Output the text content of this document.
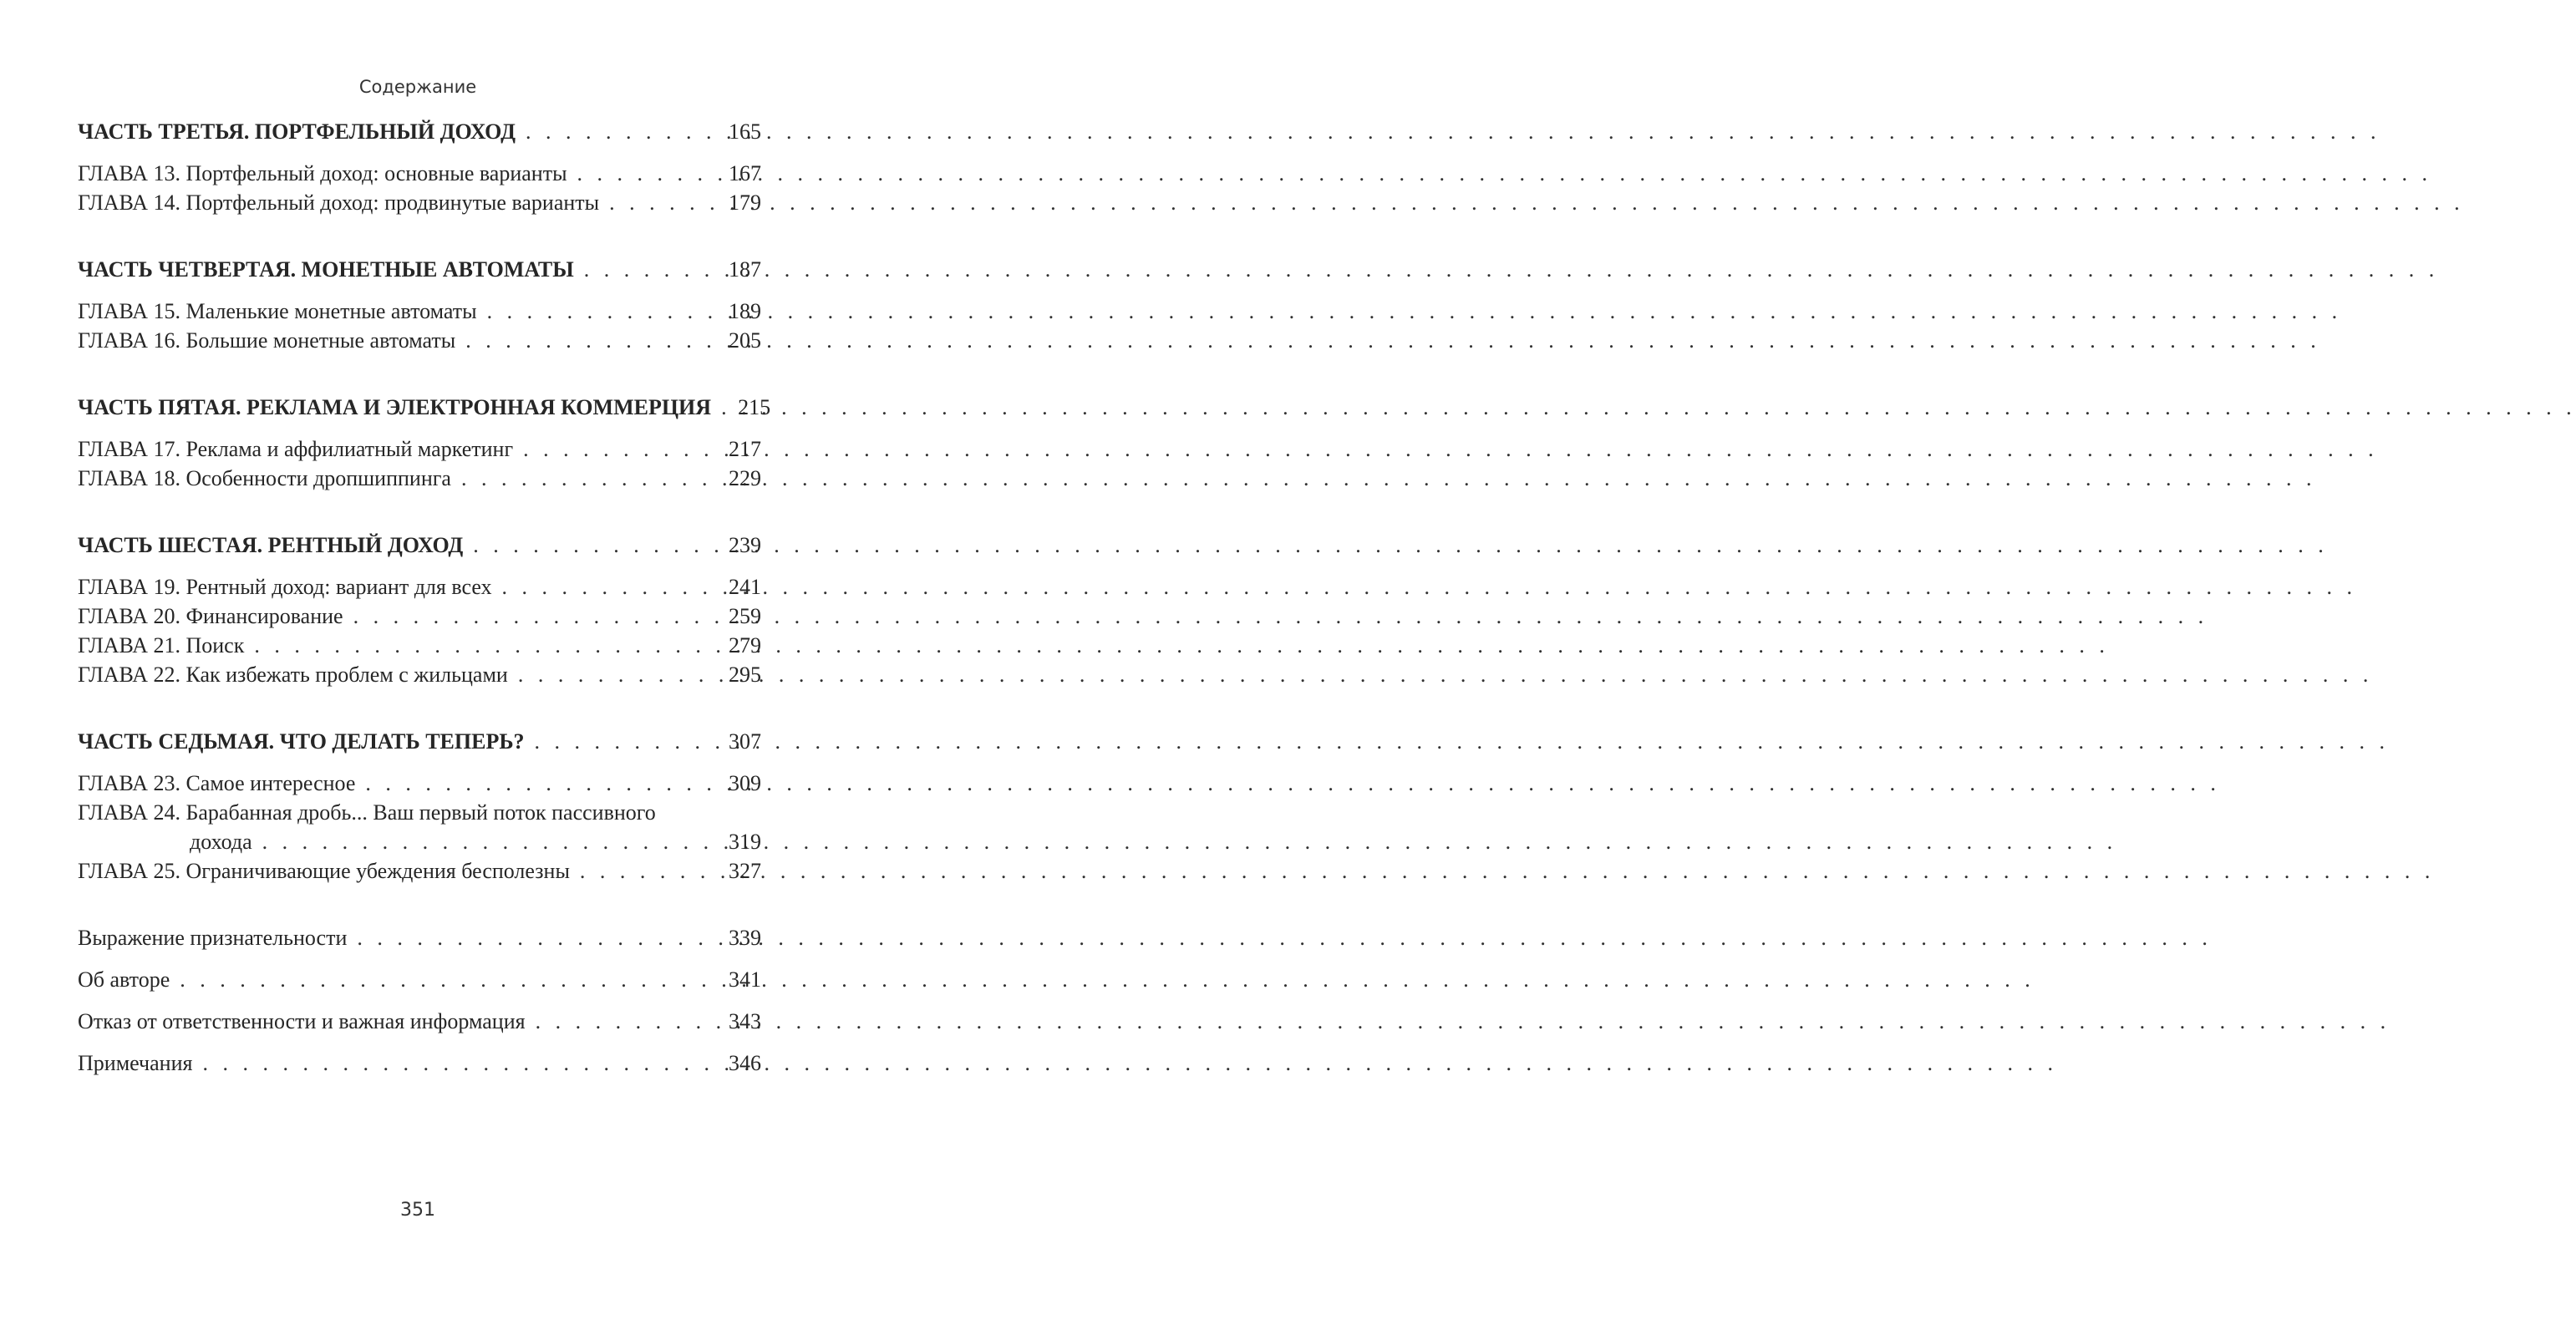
Содержание
ЧАСТЬ ТРЕТЬЯ. ПОРТФЕЛЬНЫЙ ДОХОД . . .	165
ГЛАВА 13. Портфельный доход: основные варианты . . .	167
ГЛАВА 14. Портфельный доход: продвинутые варианты . . .	179
ЧАСТЬ ЧЕТВЕРТАЯ. МОНЕТНЫЕ АВТОМАТЫ . . .	187
ГЛАВА 15. Маленькие монетные автоматы . . .	189
ГЛАВА 16. Большие монетные автоматы . . .	205
ЧАСТЬ ПЯТАЯ. РЕКЛАМА И ЭЛЕКТРОННАЯ КОММЕРЦИЯ . . . 215
ГЛАВА 17. Реклама и аффилиатный маркетинг . . .	217
ГЛАВА 18. Особенности дропшиппинга . . .	229
ЧАСТЬ ШЕСТАЯ. РЕНТНЫЙ ДОХОД . . .	239
ГЛАВА 19. Рентный доход: вариант для всех . . .	241
ГЛАВА 20. Финансирование . . .	259
ГЛАВА 21. Поиск . . .	279
ГЛАВА 22. Как избежать проблем с жильцами . . .	295
ЧАСТЬ СЕДЬМАЯ. ЧТО ДЕЛАТЬ ТЕПЕРЬ? . . .	307
ГЛАВА 23. Самое интересное . . .	309
ГЛАВА 24. Барабанная дробь... Ваш первый поток пассивного
дохода . . .	319
ГЛАВА 25. Ограничивающие убеждения бесполезны . . .	327
Выражение признательности . . .	339
Об авторе . . .	341
Отказ от ответственности и важная информация . . .	343
Примечания . . .	346
351
